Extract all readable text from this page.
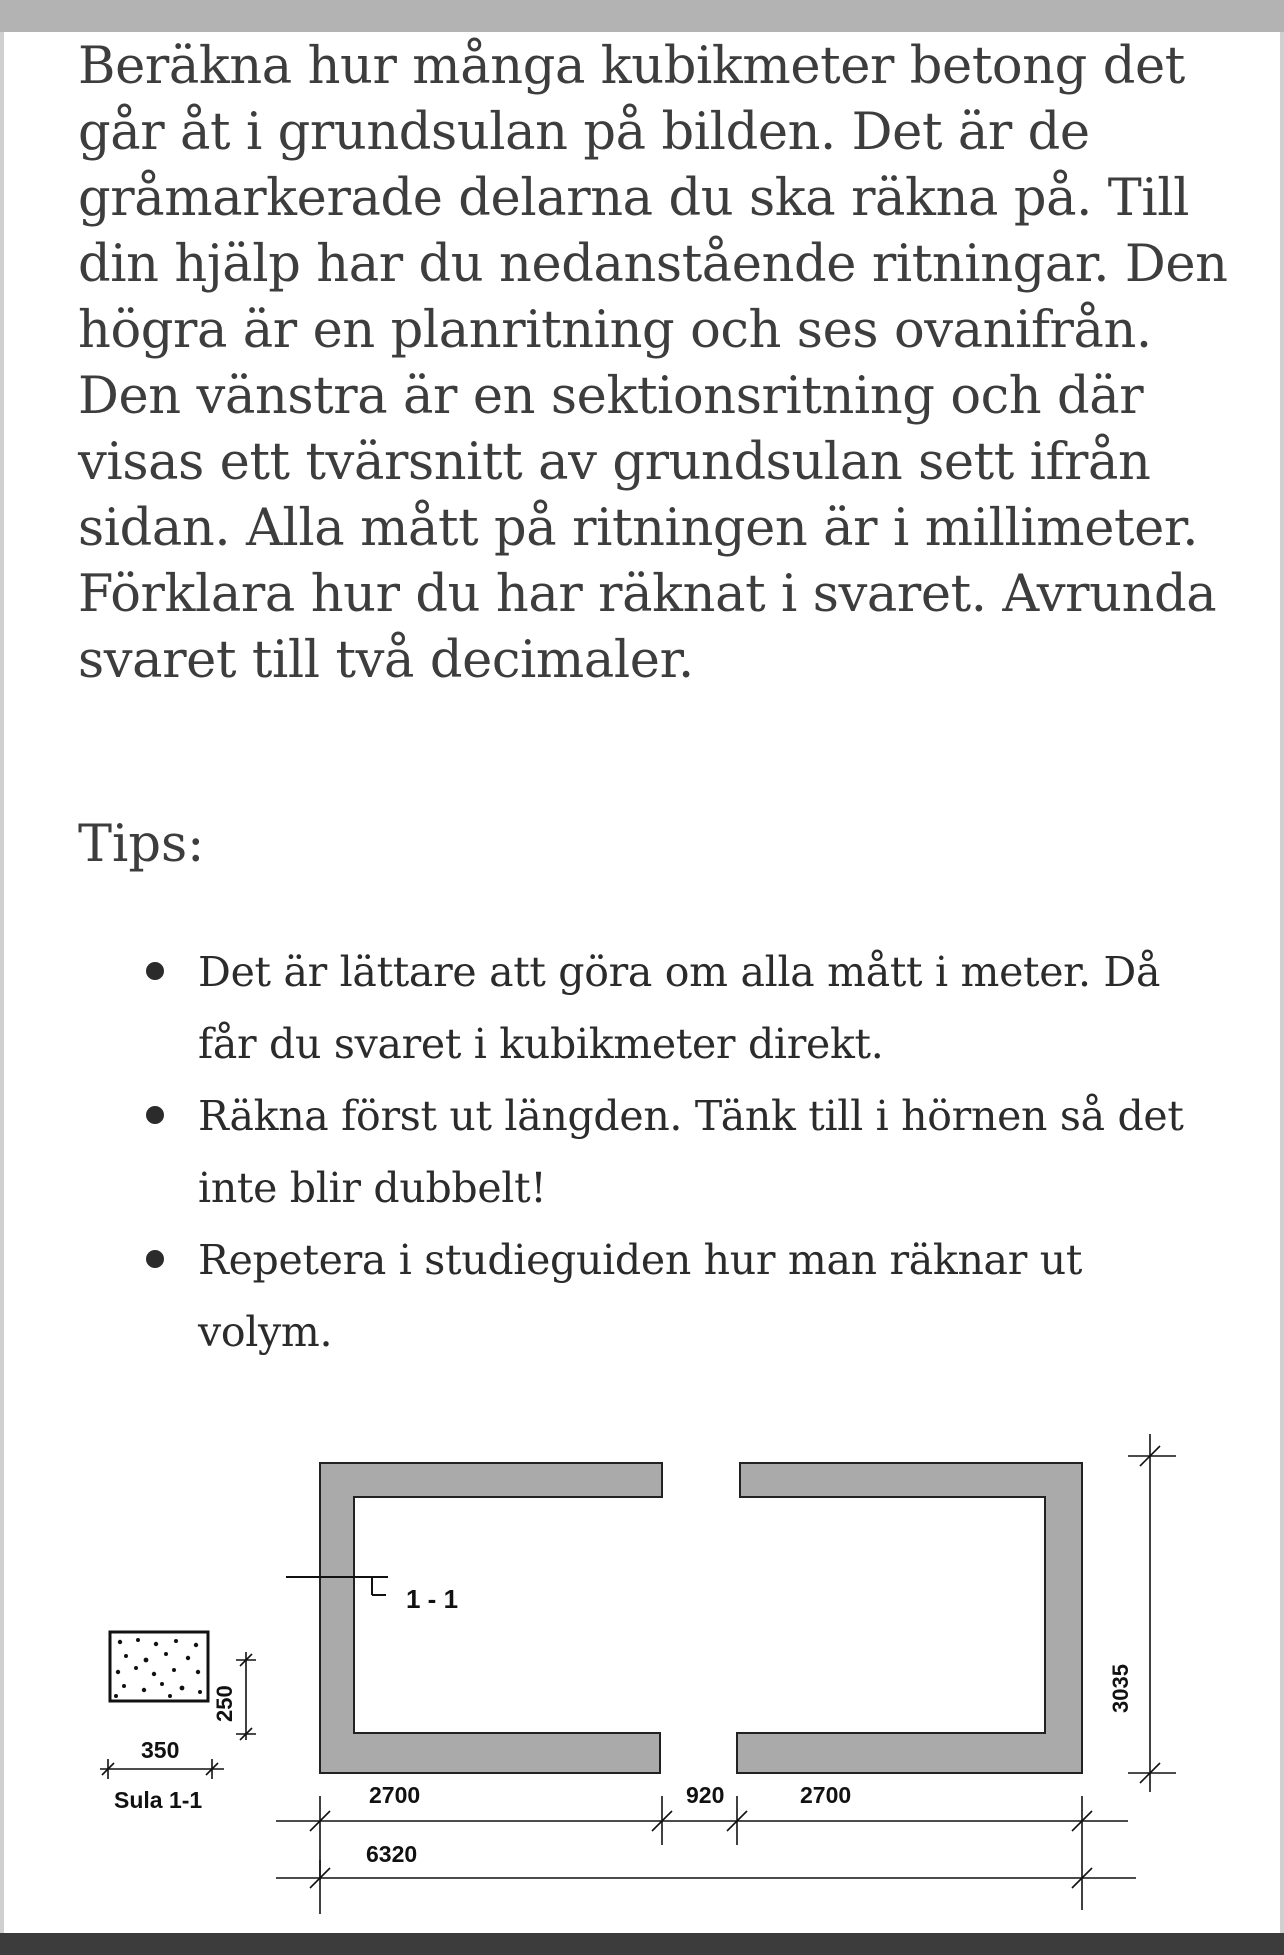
Beräkna hur många kubikmeter betong det går åt i grundsulan på bilden. Det är de gråmarkerade delarna du ska räkna på. Till din hjälp har du nedanstående ritningar. Den högra är en planritning och ses ovanifrån. Den vänstra är en sektionsritning och där visas ett tvärsnitt av grundsulan sett ifrån sidan. Alla mått på ritningen är i millimeter. Förklara hur du har räknat i svaret. Avrunda svaret till två decimaler.

Tips:
Det är lättare att göra om alla mått i meter. Då får du svaret i kubikmeter direkt.
Räkna först ut längden. Tänk till i hörnen så det inte blir dubbelt!
Repetera i studieguiden hur man räknar ut volym.
1 - 1
250
350
Sula 1-1
3035
2700	920	2700
6320
